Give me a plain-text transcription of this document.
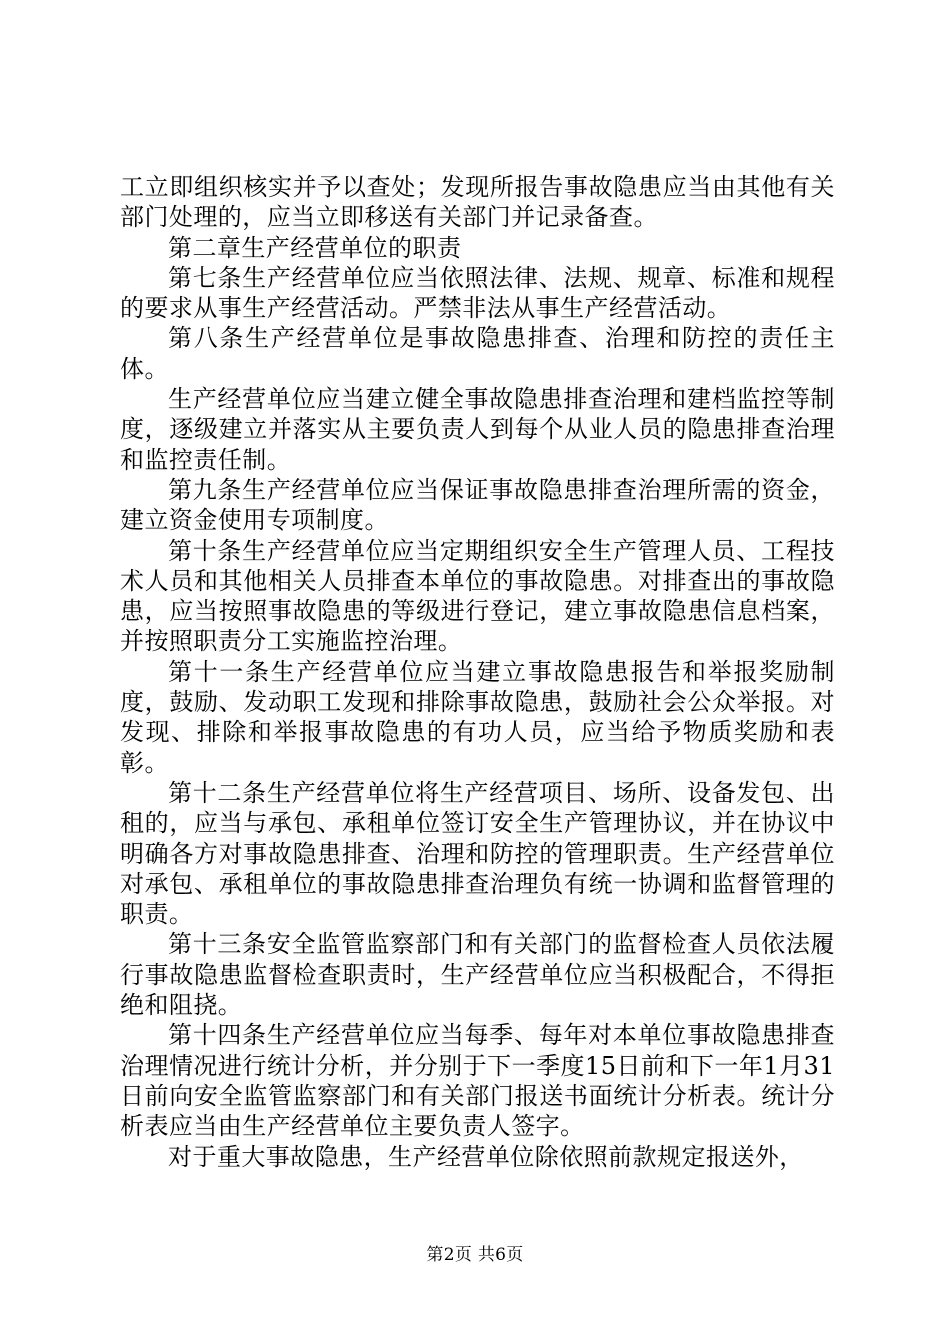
工立即组织核实并予以查处；发现所报告事故隐患应当由其他有关部门处理的，应当立即移送有关部门并记录备查。

第二章生产经营单位的职责

第七条生产经营单位应当依照法律、法规、规章、标准和规程的要求从事生产经营活动。严禁非法从事生产经营活动。

第八条生产经营单位是事故隐患排查、治理和防控的责任主体。

生产经营单位应当建立健全事故隐患排查治理和建档监控等制度，逐级建立并落实从主要负责人到每个从业人员的隐患排查治理和监控责任制。

第九条生产经营单位应当保证事故隐患排查治理所需的资金，建立资金使用专项制度。

第十条生产经营单位应当定期组织安全生产管理人员、工程技术人员和其他相关人员排查本单位的事故隐患。对排查出的事故隐患，应当按照事故隐患的等级进行登记，建立事故隐患信息档案，并按照职责分工实施监控治理。

第十一条生产经营单位应当建立事故隐患报告和举报奖励制度，鼓励、发动职工发现和排除事故隐患，鼓励社会公众举报。对发现、排除和举报事故隐患的有功人员，应当给予物质奖励和表彰。

第十二条生产经营单位将生产经营项目、场所、设备发包、出租的，应当与承包、承租单位签订安全生产管理协议，并在协议中明确各方对事故隐患排查、治理和防控的管理职责。生产经营单位对承包、承租单位的事故隐患排查治理负有统一协调和监督管理的职责。

第十三条安全监管监察部门和有关部门的监督检查人员依法履行事故隐患监督检查职责时，生产经营单位应当积极配合，不得拒绝和阻挠。

第十四条生产经营单位应当每季、每年对本单位事故隐患排查治理情况进行统计分析，并分别于下一季度15日前和下一年1月31日前向安全监管监察部门和有关部门报送书面统计分析表。统计分析表应当由生产经营单位主要负责人签字。

对于重大事故隐患，生产经营单位除依照前款规定报送外，

第2页 共6页
